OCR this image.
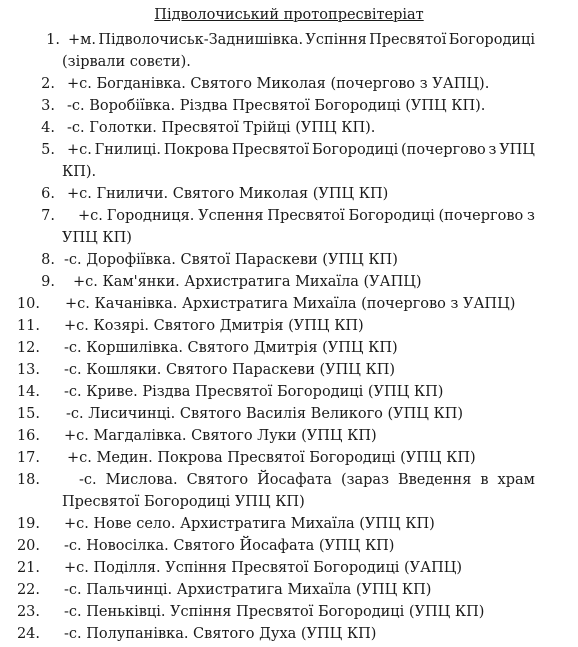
Підволочиський протопресвітеріат
1. +м. Підволочиськ-Заднишівка. Успіння Пресвятої Богородиці
(зірвали совєти).
2. +с. Богданівка. Святого Миколая (почергово з УАПЦ).
3. -с. Воробіївка. Різдва Пресвятої Богородиці (УПЦ КП).
4. -с. Голотки. Пресвятої Трійці (УПЦ КП).
5. +с. Гнилиці. Покрова Пресвятої Богородиці (почергово з УПЦ
КП).
6. +с. Гниличи. Святого Миколая (УПЦ КП)
7. +с. Городниця. Успення Пресвятої Богородиці (почергово з
УПЦ КП)
8. -с. Дорофіївка. Святої Параскеви (УПЦ КП)
9. +с. Кам'янки. Архистратига Михаїла (УАПЦ)
10. +с. Качанівка. Архистратига Михаїла (почергово з УАПЦ)
11. +с. Козярі. Святого Дмитрія (УПЦ КП)
12. -с. Коршилівка. Святого Дмитрія (УПЦ КП)
13. -с. Кошляки. Святого Параскеви (УПЦ КП)
14. -с. Криве. Різдва Пресвятої Богородиці (УПЦ КП)
15. -с. Лисичинці. Святого Василія Великого (УПЦ КП)
16. +с. Магдалівка. Святого Луки (УПЦ КП)
17. +с. Медин. Покрова Пресвятої Богородиці (УПЦ КП)
18.	-с. Мислова. Святого Йосафата (зараз Введення в храм
Пресвятої Богородиці УПЦ КП)
19. +с. Нове село. Архистратига Михаїла (УПЦ КП)
20. -с. Новосілка. Святого Йосафата (УПЦ КП)
21. +с. Поділля. Успіння Пресвятої Богородиці (УАПЦ)
22. -с. Пальчинці. Архистратига Михаїла (УПЦ КП)
23. -с. Пеньківці. Успіння Пресвятої Богородиці (УПЦ КП)
24. -с. Полупанівка. Святого Духа (УПЦ КП)
